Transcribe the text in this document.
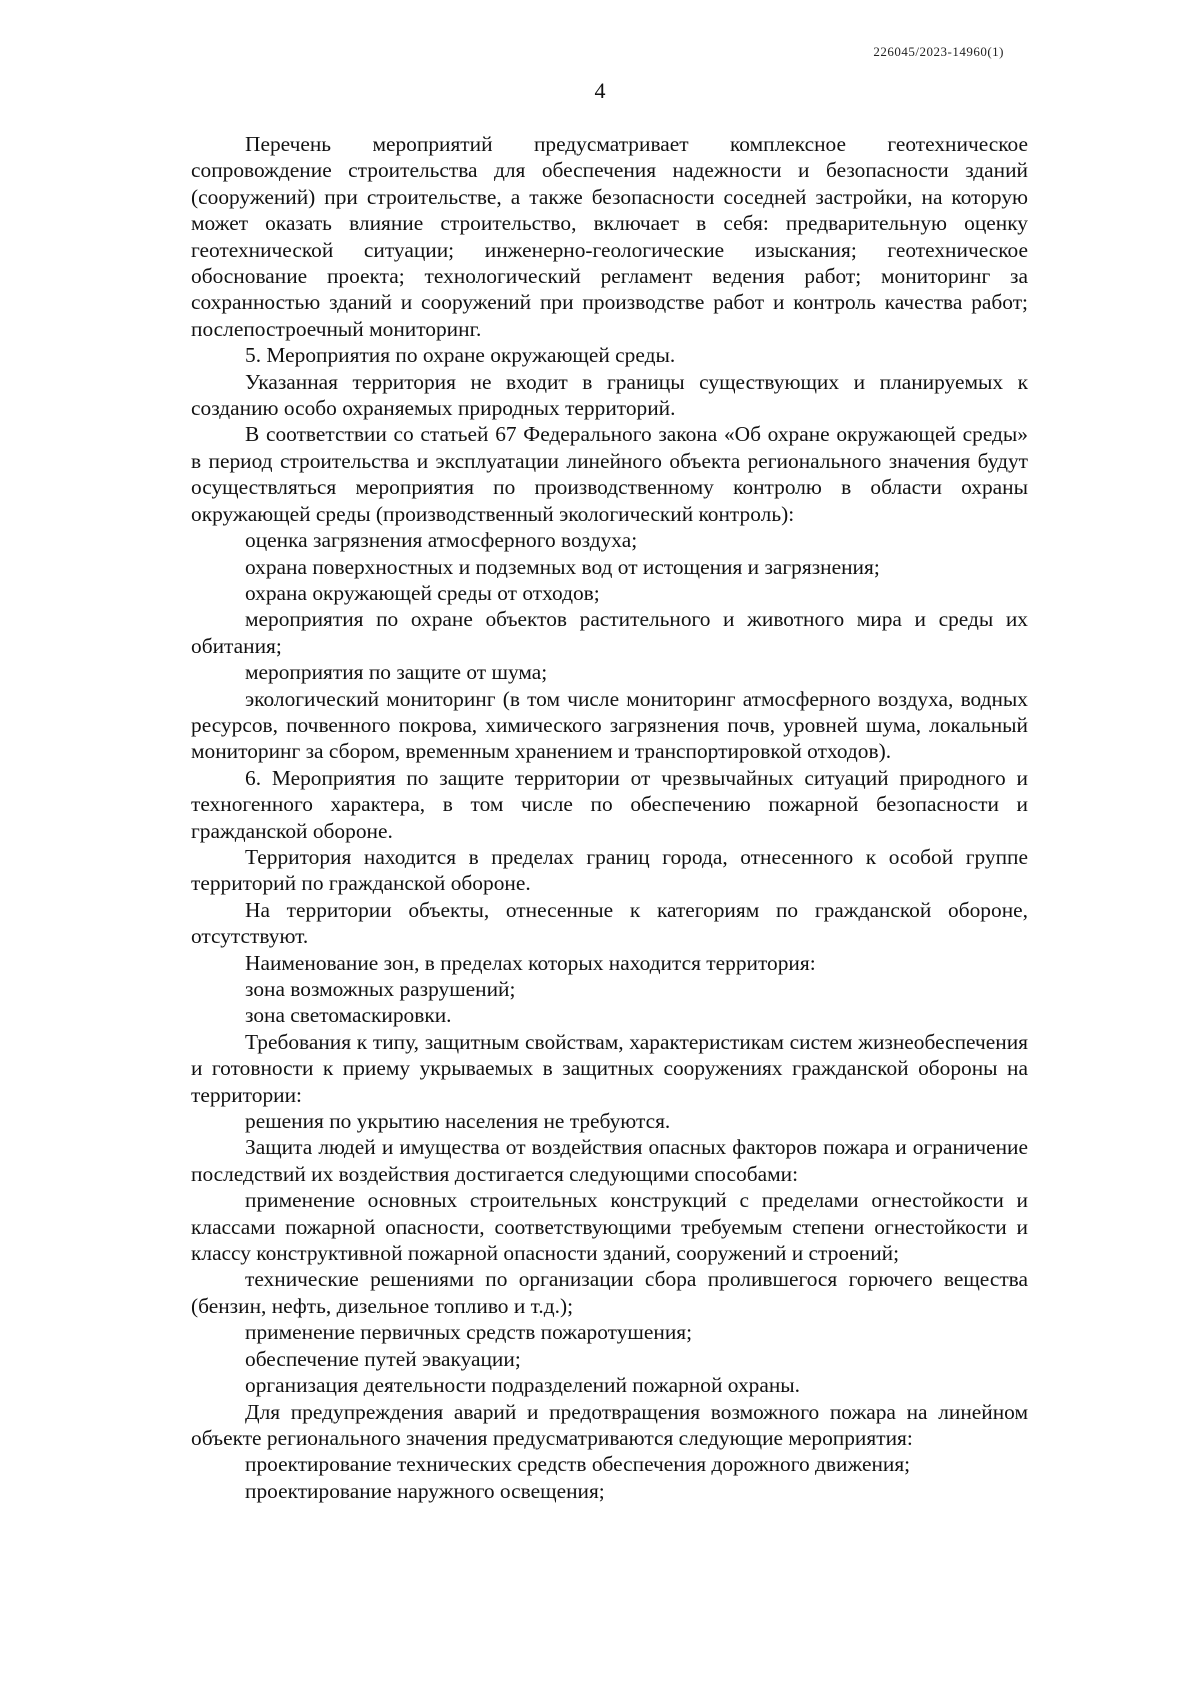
226045/2023-14960(1)
4

Перечень мероприятий предусматривает комплексное геотехническое сопровождение строительства для обеспечения надежности и безопасности зданий (сооружений) при строительстве, а также безопасности соседней застройки, на которую может оказать влияние строительство, включает в себя: предварительную оценку геотехнической ситуации; инженерно-геологические изыскания; геотехническое обоснование проекта; технологический регламент ведения работ; мониторинг за сохранностью зданий и сооружений при производстве работ и контроль качества работ; послепостроечный мониторинг.

5. Мероприятия по охране окружающей среды.

Указанная территория не входит в границы существующих и планируемых к созданию особо охраняемых природных территорий.

В соответствии со статьей 67 Федерального закона «Об охране окружающей среды» в период строительства и эксплуатации линейного объекта регионального значения будут осуществляться мероприятия по производственному контролю в области охраны окружающей среды (производственный экологический контроль):

оценка загрязнения атмосферного воздуха;

охрана поверхностных и подземных вод от истощения и загрязнения;

охрана окружающей среды от отходов;

мероприятия по охране объектов растительного и животного мира и среды их обитания;

мероприятия по защите от шума;

экологический мониторинг (в том числе мониторинг атмосферного воздуха, водных ресурсов, почвенного покрова, химического загрязнения почв, уровней шума, локальный мониторинг за сбором, временным хранением и транспортировкой отходов).

6. Мероприятия по защите территории от чрезвычайных ситуаций природного и техногенного характера, в том числе по обеспечению пожарной безопасности и гражданской обороне.

Территория находится в пределах границ города, отнесенного к особой группе территорий по гражданской обороне.

На территории объекты, отнесенные к категориям по гражданской обороне, отсутствуют.

Наименование зон, в пределах которых находится территория:

зона возможных разрушений;

зона светомаскировки.

Требования к типу, защитным свойствам, характеристикам систем жизнеобеспечения и готовности к приему укрываемых в защитных сооружениях гражданской обороны на территории:

решения по укрытию населения не требуются.

Защита людей и имущества от воздействия опасных факторов пожара и ограничение последствий их воздействия достигается следующими способами:

применение основных строительных конструкций с пределами огнестойкости и классами пожарной опасности, соответствующими требуемым степени огнестойкости и классу конструктивной пожарной опасности зданий, сооружений и строений;

технические решениями по организации сбора пролившегося горючего вещества (бензин, нефть, дизельное топливо и т.д.);

применение первичных средств пожаротушения;

обеспечение путей эвакуации;

организация деятельности подразделений пожарной охраны.

Для предупреждения аварий и предотвращения возможного пожара на линейном объекте регионального значения предусматриваются следующие мероприятия:

проектирование технических средств обеспечения дорожного движения;

проектирование наружного освещения;
